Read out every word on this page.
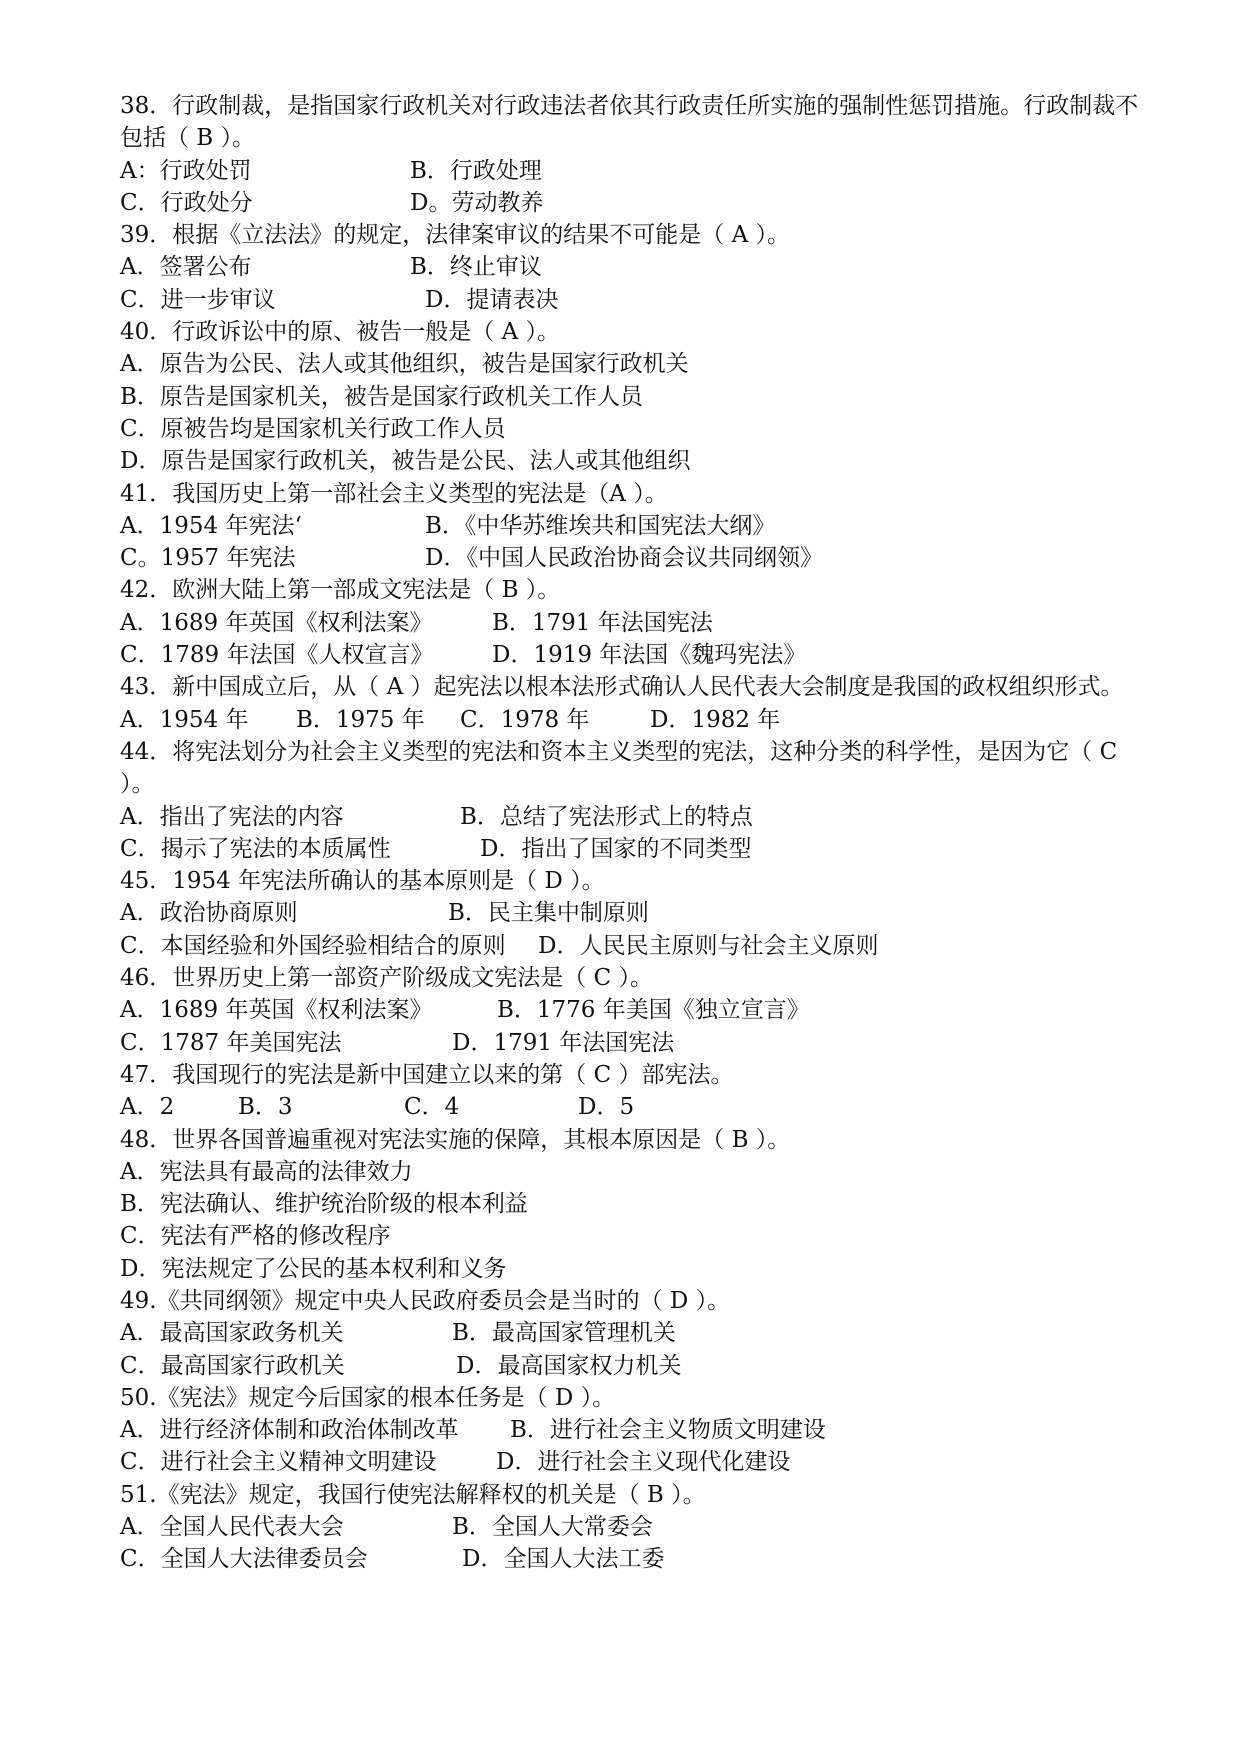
38．行政制裁，是指国家行政机关对行政违法者依其行政责任所实施的强制性惩罚措施。行政制裁不包括（ B ）。
A：行政处罚	B．行政处理
C．行政处分	D。劳动教养
39．根据《立法法》的规定，法律案审议的结果不可能是（ A ）。
A．签署公布	B．终止审议
C．进一步审议	D．提请表决
40．行政诉讼中的原、被告一般是（ A ）。
A．原告为公民、法人或其他组织，被告是国家行政机关
B．原告是国家机关，被告是国家行政机关工作人员
C．原被告均是国家机关行政工作人员
D．原告是国家行政机关，被告是公民、法人或其他组织
41．我国历史上第一部社会主义类型的宪法是（A ）。
A．1954 年宪法‘	B．《中华苏维埃共和国宪法大纲》
C。1957 年宪法	D．《中国人民政治协商会议共同纲领》
42．欧洲大陆上第一部成文宪法是（ B ）。
A．1689 年英国《权利法案》	B．1791 年法国宪法
C．1789 年法国《人权宣言》	D．1919 年法国《魏玛宪法》
43．新中国成立后，从（ A ）起宪法以根本法形式确认人民代表大会制度是我国的政权组织形式。
A．1954 年 B．1975 年 C．1978 年	D．1982 年
44．将宪法划分为社会主义类型的宪法和资本主义类型的宪法，这种分类的科学性，是因为它（ C ）。
A．指出了宪法的内容	B．总结了宪法形式上的特点
C．揭示了宪法的本质属性	D．指出了国家的不同类型
45．1954 年宪法所确认的基本原则是（ D ）。
A．政治协商原则	B．民主集中制原则
C．本国经验和外国经验相结合的原则 D．人民民主原则与社会主义原则
46．世界历史上第一部资产阶级成文宪法是（ C ）。
A．1689 年英国《权利法案》	B．1776 年美国《独立宣言》
C．1787 年美国宪法	D．1791 年法国宪法
47．我国现行的宪法是新中国建立以来的第（ C ）部宪法。
A．2	B．3	C．4	D．5
48．世界各国普遍重视对宪法实施的保障，其根本原因是（ B ）。
A．宪法具有最高的法律效力
B．宪法确认、维护统治阶级的根本利益
C．宪法有严格的修改程序
D．宪法规定了公民的基本权利和义务
49.《共同纲领》规定中央人民政府委员会是当时的（ D ）。
A．最高国家政务机关	B．最高国家管理机关
C．最高国家行政机关	D．最高国家权力机关
50.《宪法》规定今后国家的根本任务是（ D ）。
A．进行经济体制和政治体制改革 B．进行社会主义物质文明建设
C．进行社会主义精神文明建设	D．进行社会主义现代化建设
51.《宪法》规定，我国行使宪法解释权的机关是（ B ）。
A．全国人民代表大会	B．全国人大常委会
C．全国人大法律委员会	D．全国人大法工委
